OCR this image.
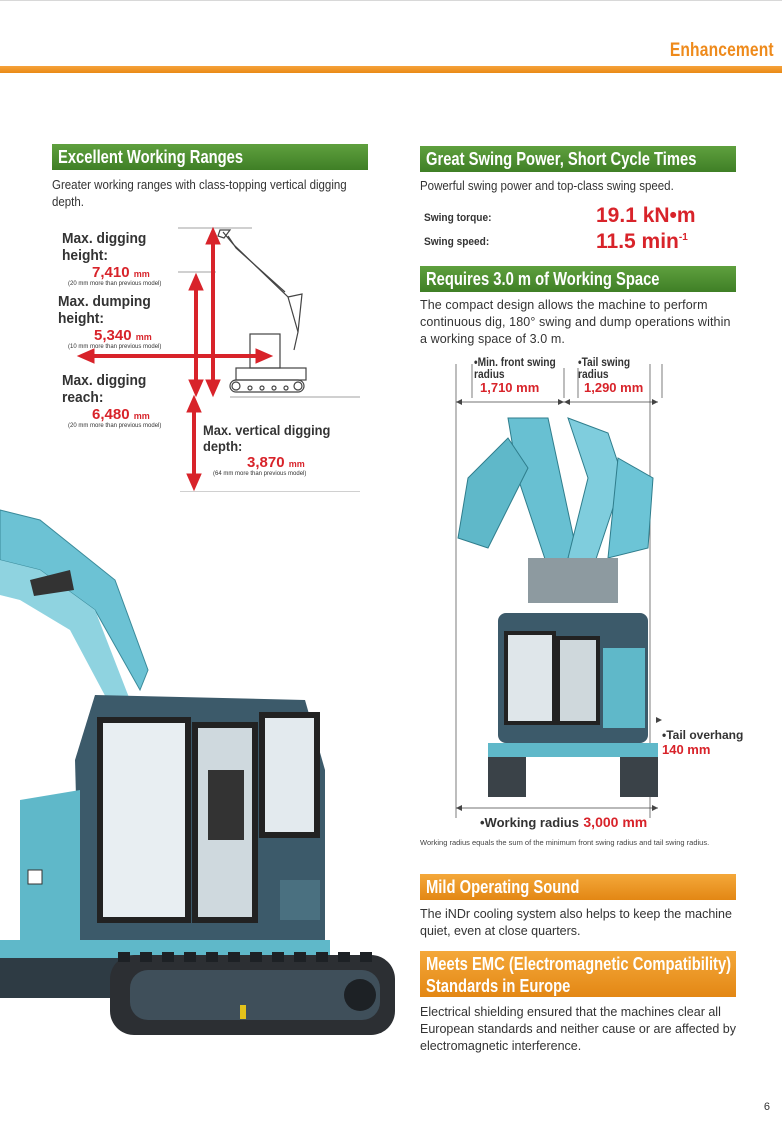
Enhancement
Excellent Working Ranges
Greater working ranges with class-topping vertical digging depth.
Max. digging height:
7,410 mm
(20 mm more than previous model)
Max. dumping height:
5,340 mm
(10 mm more than previous model)
Max. digging reach:
6,480 mm
(20 mm more than previous model)	Max. vertical digging depth:
3,870 mm
(64 mm more than previous model)
Great Swing Power, Short Cycle Times
Powerful swing power and top-class swing speed.
Swing torque:	19.1 kN•m
Swing speed:	11.5 $\min^{-1}$
Requires 3.0 m of Working Space
The compact design allows the machine to perform continuous dig, 180° swing and dump operations within a working space of 3.0 m.
•Min. front swing radius
1,710 mm
•Tail swing radius
1,290 mm
•Tail overhang
140 mm
•Working radius 3,000 mm
Working radius equals the sum of the minimum front swing radius and tail swing radius.
Mild Operating Sound
The iNDr cooling system also helps to keep the machine quiet, even at close quarters.
Meets EMC (Electromagnetic Compatibility)
Standards in Europe
Electrical shielding ensured that the machines clear all European standards and neither cause or are affected by electromagnetic interference.
6
